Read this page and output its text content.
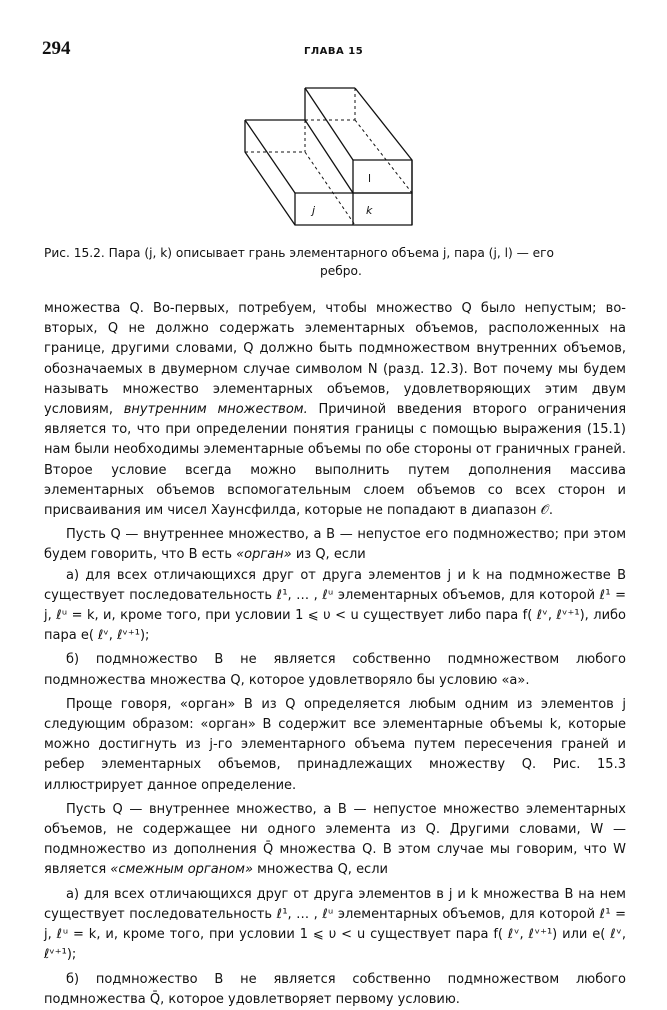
294	ГЛАВА 15
j	k
l
Рис. 15.2. Пара (j, k) описывает грань элементарного объема j, пара (j, l) — его
ребро.

множества Q. Во-первых, потребуем, чтобы множество Q было непустым; во-вторых, Q не должно содержать элементарных объемов, расположенных на границе, другими словами, Q должно быть подмножеством внутренних объемов, обозначаемых в двумерном случае символом N (разд. 12.3). Вот почему мы будем называть множество элементарных объемов, удовлетворяющих этим двум условиям, внутренним множеством. Причиной введения второго ограничения является то, что при определении понятия границы с помощью выражения (15.1) нам были необходимы элементарные объемы по обе стороны от граничных граней. Второе условие всегда можно выполнить путем дополнения массива элементарных объемов вспомогательным слоем объемов со всех сторон и присваивания им чисел Хаунсфилда, которые не попадают в диапазон 𝒪.

Пусть Q — внутреннее множество, а B — непустое его подмножество; при этом будем говорить, что B есть «орган» из Q, если

а) для всех отличающихся друг от друга элементов j и k на подмножестве B существует последовательность ℓ¹, … , ℓᵘ элементарных объемов, для которой ℓ¹ = j, ℓᵘ = k, и, кроме того, при условии 1 ⩽ υ < u существует либо пара f( ℓᵛ, ℓᵛ⁺¹), либо пара e( ℓᵛ, ℓᵛ⁺¹);

б) подмножество B не является собственно подмножеством любого подмножества множества Q, которое удовлетворяло бы условию «а».

Проще говоря, «орган» B из Q определяется любым одним из элементов j следующим образом: «орган» B содержит все элементарные объемы k, которые можно достигнуть из j-го элементарного объема путем пересечения граней и ребер элементарных объемов, принадлежащих множеству Q. Рис. 15.3 иллюстрирует данное определение.

Пусть Q — внутреннее множество, а B — непустое множество элементарных объемов, не содержащее ни одного элемента из Q. Другими словами, W — подмножество из дополнения Q̄ множества Q. В этом случае мы говорим, что W является «смежным органом» множества Q, если

а) для всех отличающихся друг от друга элементов в j и k множества B на нем существует последовательность ℓ¹, … , ℓᵘ элементарных объемов, для которой ℓ¹ = j, ℓᵘ = k, и, кроме того, при условии 1 ⩽ υ < u существует пара f( ℓᵛ, ℓᵛ⁺¹) или e( ℓᵛ, ℓᵛ⁺¹);

б) подмножество B не является собственно подмножеством любого подмножества Q̄, которое удовлетворяет первому условию.
